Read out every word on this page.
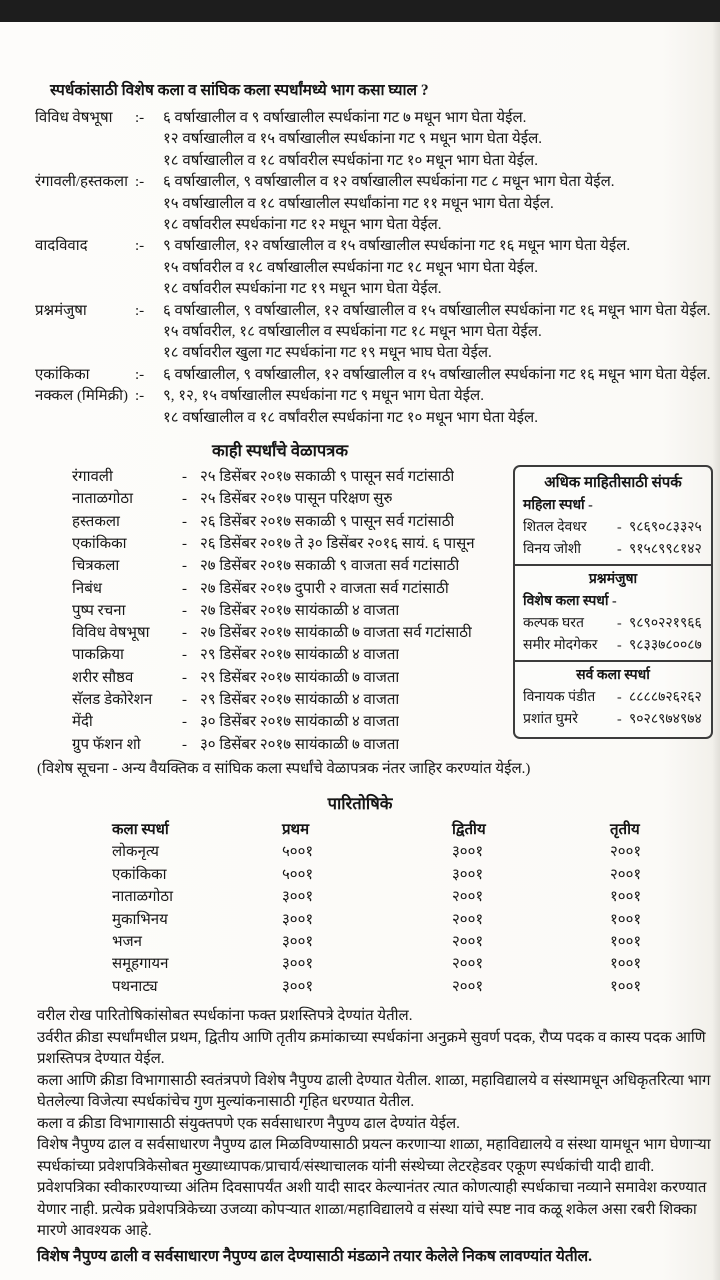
स्पर्धकांसाठी विशेष कला व सांघिक कला स्पर्धांमध्ये भाग कसा घ्याल ?
विविध वेषभूषा	:-	६ वर्षाखालील व ९ वर्षाखालील स्पर्धकांना गट ७ मधून भाग घेता येईल.
१२ वर्षाखालील व १५ वर्षाखालील स्पर्धकांना गट ९ मधून भाग घेता येईल.
१८ वर्षाखालील व १८ वर्षावरील स्पर्धकांना गट १० मधून भाग घेता येईल.
रंगावली/हस्तकला :-	६ वर्षाखालील, ९ वर्षाखालील व १२ वर्षाखालील स्पर्धकांना गट ८ मधून भाग घेता येईल.
१५ वर्षाखालील व १८ वर्षाखालील स्पर्धांकांना गट ११ मधून भाग घेता येईल.
१८ वर्षावरील स्पर्धकांना गट १२ मधून भाग घेता येईल.
वादविवाद	:-	९ वर्षाखालील, १२ वर्षाखालील व १५ वर्षाखालील स्पर्धकांना गट १६ मधून भाग घेता येईल.
१५ वर्षावरील व १८ वर्षाखालील स्पर्धकांना गट १८ मधून भाग घेता येईल.
१८ वर्षावरील स्पर्धकांना गट १९ मधून भाग घेता येईल.
प्रश्नमंजुषा	:-	६ वर्षाखालील, ९ वर्षाखालील, १२ वर्षाखालील व १५ वर्षाखालील स्पर्धकांना गट १६ मधून भाग घेता येईल.
१५ वर्षावरील, १८ वर्षाखालील व स्पर्धकांना गट १८ मधून भाग घेता येईल.
१८ वर्षावरील खुला गट स्पर्धकांना गट १९ मधून भाघ घेता येईल.
एकांकिका	:-	६ वर्षाखालील, ९ वर्षाखालील, १२ वर्षाखालील व १५ वर्षाखालील स्पर्धकांना गट १६ मधून भाग घेता येईल.
नक्कल (मिमिक्री) :-	९, १२, १५ वर्षाखालील स्पर्धकांना गट ९ मधून भाग घेता येईल.
१८ वर्षाखालील व १८ वर्षांवरील स्पर्धकांना गट १० मधून भाग घेता येईल.
काही स्पर्धांचे वेळापत्रक
रंगावली	- २५ डिसेंबर २०१७ सकाळी ९ पासून सर्व गटांसाठी
नाताळगोठा	- २५ डिसेंबर २०१७ पासून परिक्षण सुरु
हस्तकला	- २६ डिसेंबर २०१७ सकाळी ९ पासून सर्व गटांसाठी
एकांकिका	- २६ डिसेंबर २०१७ ते ३० डिसेंबर २०१६ सायं. ६ पासून
चित्रकला	- २७ डिसेंबर २०१७ सकाळी ९ वाजता सर्व गटांसाठी
निबंध	- २७ डिसेंबर २०१७ दुपारी २ वाजता सर्व गटांसाठी
पुष्प रचना	- २७ डिसेंबर २०१७ सायंकाळी ४ वाजता
विविध वेषभूषा	- २७ डिसेंबर २०१७ सायंकाळी ७ वाजता सर्व गटांसाठी
पाकक्रिया	- २९ डिसेंबर २०१७ सायंकाळी ४ वाजता
शरीर सौष्ठव	- २९ डिसेंबर २०१७ सायंकाळी ७ वाजता
सॅलड डेकोरेशन	- २९ डिसेंबर २०१७ सायंकाळी ४ वाजता
मेंदी	- ३० डिसेंबर २०१७ सायंकाळी ४ वाजता
ग्रुप फॅशन शो	- ३० डिसेंबर २०१७ सायंकाळी ७ वाजता
(विशेष सूचना - अन्य वैयक्तिक व सांघिक कला स्पर्धांचे वेळापत्रक नंतर जाहिर करण्यांत येईल.)
अधिक माहितीसाठी संपर्क
महिला स्पर्धा -
शितल देवधर	- ९८६९०८३३२५
विनय जोशी	- ९१५८९९८१४२
प्रश्नमंजुषा
विशेष कला स्पर्धा -
कल्पक घरत	- ९८९०२२१९६६
समीर मोदगेकर	- ९८३३७८००८७
सर्व कला स्पर्धा
विनायक पंडीत	- ८८८८७२६२६२
प्रशांत घुमरे	- ९०२८९७४९७४
पारितोषिके
कला स्पर्धा	प्रथम	द्वितीय	तृतीय
लोकनृत्य	५००१	३००१	२००१
एकांकिका	५००१	३००१	२००१
नाताळगोठा	३००१	२००१	१००१
मुकाभिनय	३००१	२००१	१००१
भजन	३००१	२००१	१००१
समूहगायन	३००१	२००१	१००१
पथनाट्य	३००१	२००१	१००१

वरील रोख पारितोषिकांसोबत स्पर्धकांना फक्त प्रशस्तिपत्रे देण्यांत येतील.

उर्वरीत क्रीडा स्पर्धांमधील प्रथम, द्वितीय आणि तृतीय क्रमांकाच्या स्पर्धकांना अनुक्रमे सुवर्ण पदक, रौप्य पदक व कास्य पदक आणि प्रशस्तिपत्र देण्यात येईल.

कला आणि क्रीडा विभागासाठी स्वतंत्रपणे विशेष नैपुण्य ढाली देण्यात येतील. शाळा, महाविद्यालये व संस्थामधून अधिकृतरित्या भाग घेतलेल्या विजेत्या स्पर्धकांचेच गुण मुल्यांकनासाठी गृहित धरण्यात येतील.

कला व क्रीडा विभागासाठी संयुक्तपणे एक सर्वसाधारण नैपुण्य ढाल देण्यांत येईल.

विशेष नैपुण्य ढाल व सर्वसाधारण नैपुण्य ढाल मिळविण्यासाठी प्रयत्न करणाऱ्या शाळा, महाविद्यालये व संस्था यामधून भाग घेणाऱ्या स्पर्धकांच्या प्रवेशपत्रिकेसोबत मुख्याध्यापक/प्राचार्य/संस्थाचालक यांनी संस्थेच्या लेटरहेडवर एकूण स्पर्धकांची यादी द्यावी. प्रवेशपत्रिका स्वीकारण्याच्या अंतिम दिवसापर्यंत अशी यादी सादर केल्यानंतर त्यात कोणत्याही स्पर्धकाचा नव्याने समावेश करण्यात येणार नाही. प्रत्येक प्रवेशपत्रिकेच्या उजव्या कोपऱ्यात शाळा/महाविद्यालये व संस्था यांचे स्पष्ट नाव कळू शकेल असा रबरी शिक्का मारणे आवश्यक आहे.

विशेष नैपुण्य ढाली व सर्वसाधारण नैपुण्य ढाल देण्यासाठी मंडळाने तयार केलेले निकष लावण्यांत येतील.
